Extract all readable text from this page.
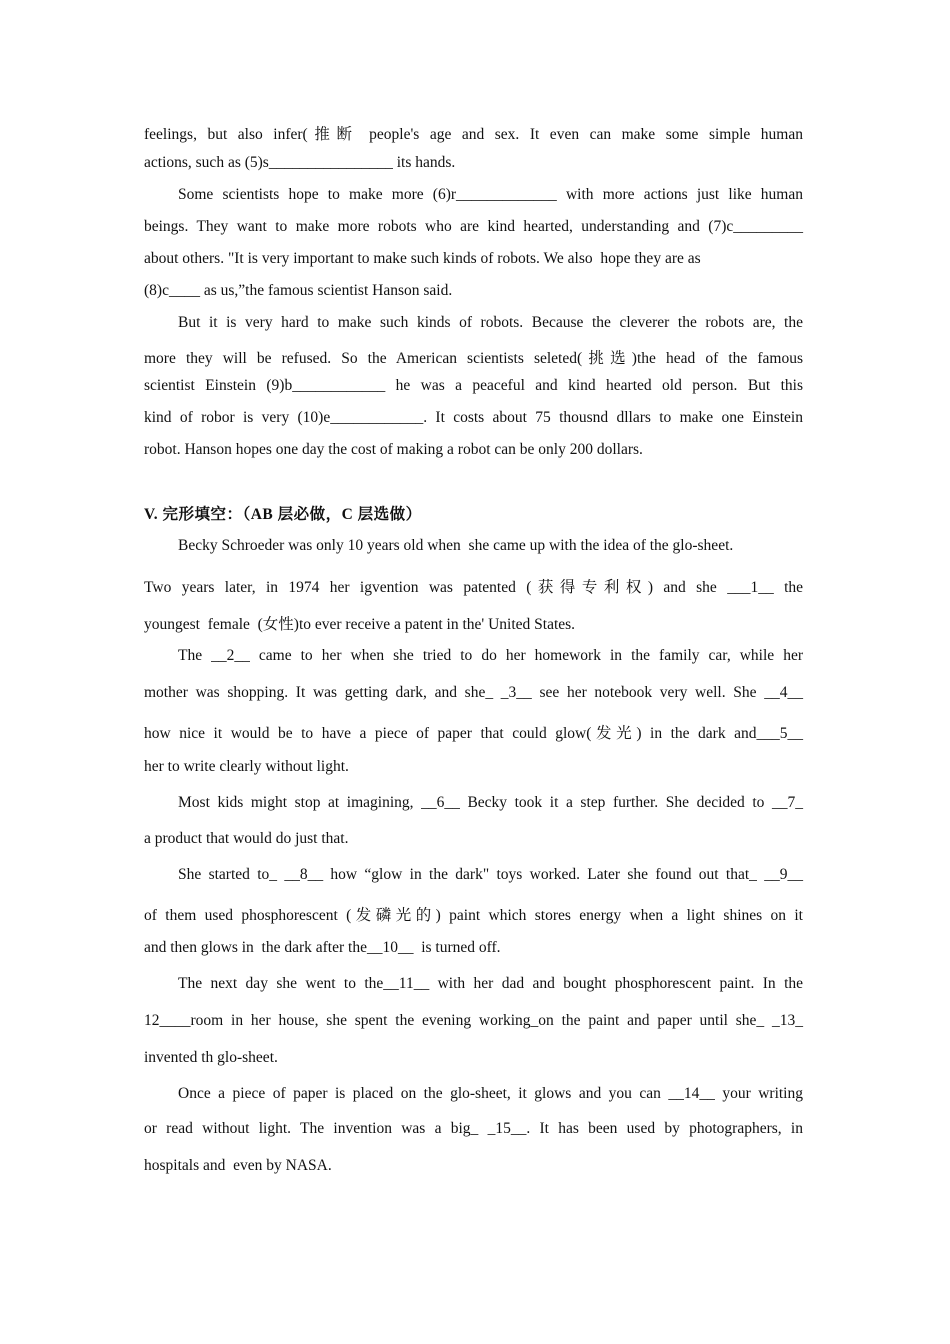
feelings, but also infer(推断 people's age and sex. It even can make some simple human
actions, such as (5)s________________ its hands.
Some scientists hope to make more (6)r_____________ with more actions just like human
beings. They want to make more robots who are kind hearted, understanding and (7)c_________
about others. "It is very important to make such kinds of robots. We also  hope they are as
(8)c____ as us,”the famous scientist Hanson said.
But it is very hard to make such kinds of robots. Because the cleverer the robots are, the
more they will be refused. So the American scientists seleted(挑选)the head of the famous
scientist Einstein (9)b____________ he was a peaceful and kind hearted old person. But this
kind of robor is very (10)e____________. It costs about 75 thousnd dllars to make one Einstein
robot. Hanson hopes one day the cost of making a robot can be only 200 dollars.
V. 完形填空：（AB 层必做，C 层选做）
Becky Schroeder was only 10 years old when  she came up with the idea of the glo-sheet.
Two years later, in 1974 her igvention was patented (获得专利权) and she ___1__ the
youngest  female  (女性)to ever receive a patent in the' United States.
The __2__ came to her when she tried to do her homework in the family car, while her
mother was shopping. It was getting dark, and she_ _3__ see her notebook very well. She __4__
how nice it would be to have a piece of paper that could glow(发光) in the dark and___5__
her to write clearly without light.
Most kids might stop at imagining, __6__ Becky took it a step further. She decided to __7_
a product that would do just that.
She started to_ __8__ how “glow in the dark" toys worked. Later she found out that_ __9__
of them used phosphorescent (发磷光的) paint which stores energy when a light shines on it
and then glows in  the dark after the__10__  is turned off.
The next day she went to the__11__ with her dad and bought phosphorescent paint. In the
12____room in her house, she spent the evening working_on the paint and paper until she_ _13_
invented th glo-sheet.
Once a piece of paper is placed on the glo-sheet, it glows and you can __14__ your writing
or read without light. The invention was a big_ _15__. It has been used by photographers, in
hospitals and  even by NASA.
